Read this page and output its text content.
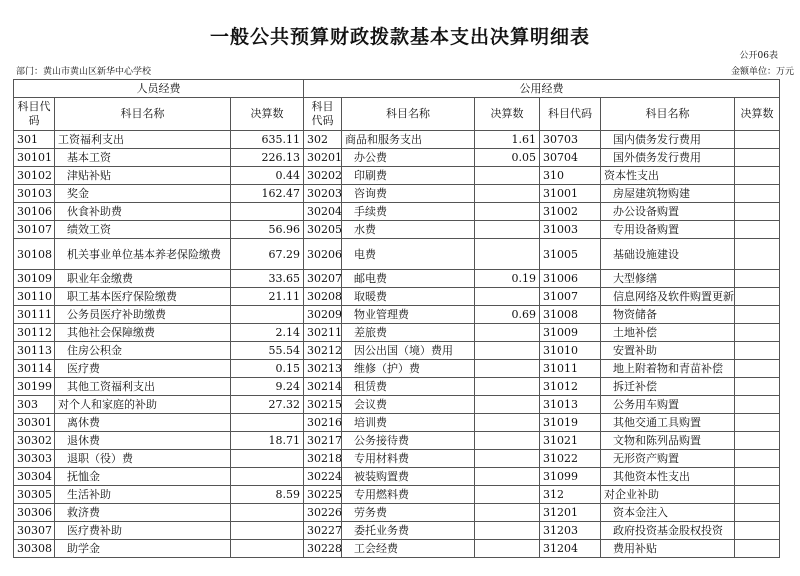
一般公共预算财政拨款基本支出决算明细表
公开06表
部门：黄山市黄山区新华中心学校	金额单位：万元
人员经费			公用经费					
科目代码	科目名称	决算数	科目代码	科目名称	决算数	科目代码	科目名称	决算数
301	工资福利支出	635.11	302	商品和服务支出	1.61	30703	国内债务发行费用	
30101	基本工资	226.13	30201	办公费	0.05	30704	国外债务发行费用	
30102	津贴补贴	0.44	30202	印刷费		310	资本性支出	
30103	奖金	162.47	30203	咨询费		31001	房屋建筑物购建	
30106	伙食补助费		30204	手续费		31002	办公设备购置	
30107	绩效工资	56.96	30205	水费		31003	专用设备购置	
30108	机关事业单位基本养老保险缴费	67.29	30206	电费		31005	基础设施建设	
30109	职业年金缴费	33.65	30207	邮电费	0.19	31006	大型修缮	
30110	职工基本医疗保险缴费	21.11	30208	取暖费		31007	信息网络及软件购置更新	
30111	公务员医疗补助缴费		30209	物业管理费	0.69	31008	物资储备	
30112	其他社会保障缴费	2.14	30211	差旅费		31009	土地补偿	
30113	住房公积金	55.54	30212	因公出国（境）费用		31010	安置补助	
30114	医疗费	0.15	30213	维修（护）费		31011	地上附着物和青苗补偿	
30199	其他工资福利支出	9.24	30214	租赁费		31012	拆迁补偿	
303	对个人和家庭的补助	27.32	30215	会议费		31013	公务用车购置	
30301	离休费		30216	培训费		31019	其他交通工具购置	
30302	退休费	18.71	30217	公务接待费		31021	文物和陈列品购置	
30303	退职（役）费		30218	专用材料费		31022	无形资产购置	
30304	抚恤金		30224	被装购置费		31099	其他资本性支出	
30305	生活补助	8.59	30225	专用燃料费		312	对企业补助	
30306	救济费		30226	劳务费		31201	资本金注入	
30307	医疗费补助		30227	委托业务费		31203	政府投资基金股权投资	
30308	助学金		30228	工会经费		31204	费用补贴	
